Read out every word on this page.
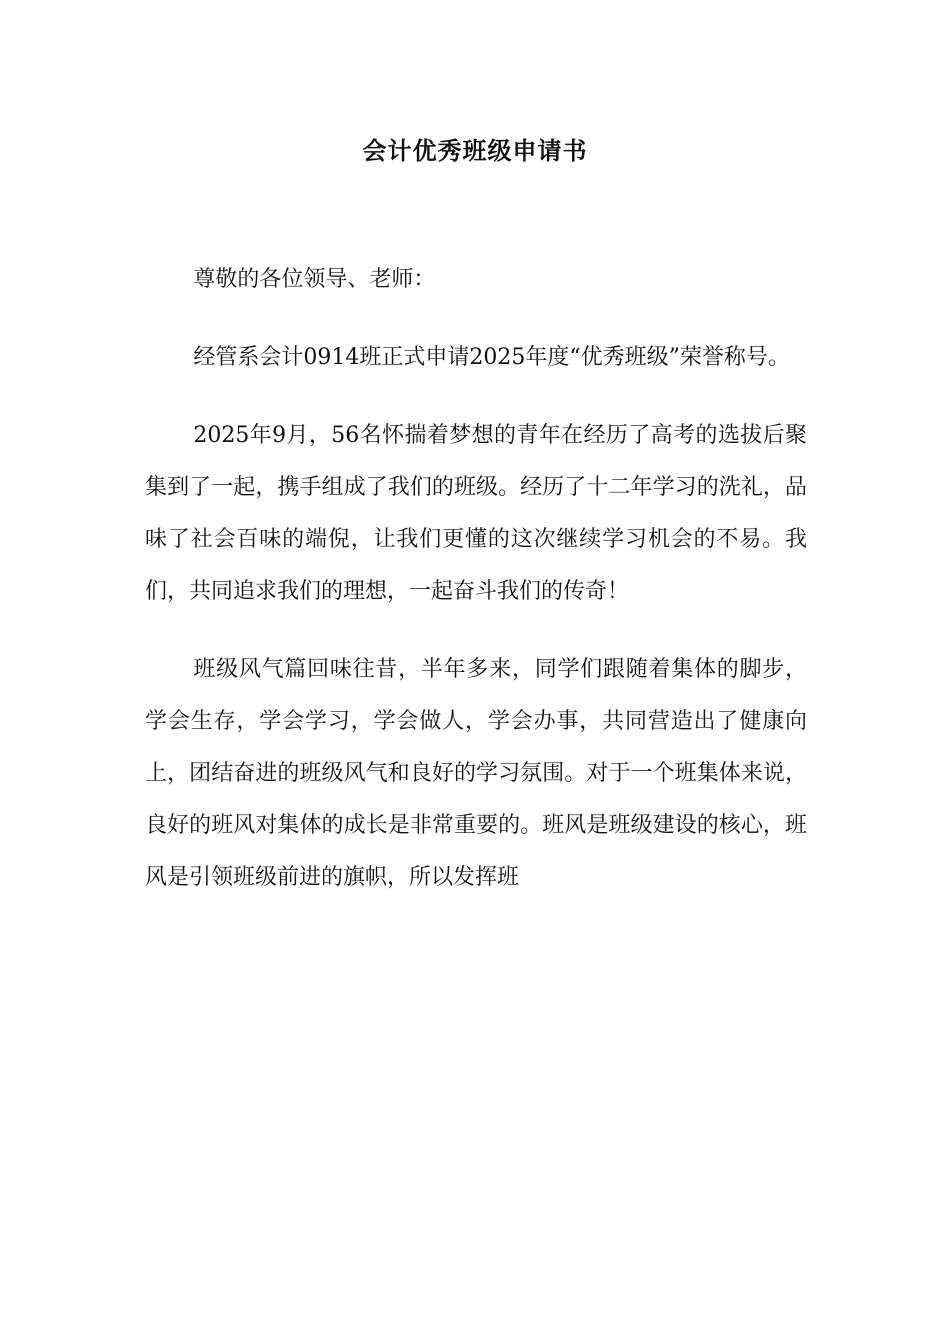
会计优秀班级申请书

尊敬的各位领导、老师：

经管系会计0914班正式申请2025年度“优秀班级”荣誉称号。

2025年9月，56名怀揣着梦想的青年在经历了高考的选拔后聚集到了一起，携手组成了我们的班级。经历了十二年学习的洗礼，品味了社会百味的端倪，让我们更懂的这次继续学习机会的不易。我们，共同追求我们的理想，一起奋斗我们的传奇！

班级风气篇回味往昔，半年多来，同学们跟随着集体的脚步，学会生存，学会学习，学会做人，学会办事，共同营造出了健康向上，团结奋进的班级风气和良好的学习氛围。对于一个班集体来说，良好的班风对集体的成长是非常重要的。班风是班级建设的核心，班风是引领班级前进的旗帜，所以发挥班
